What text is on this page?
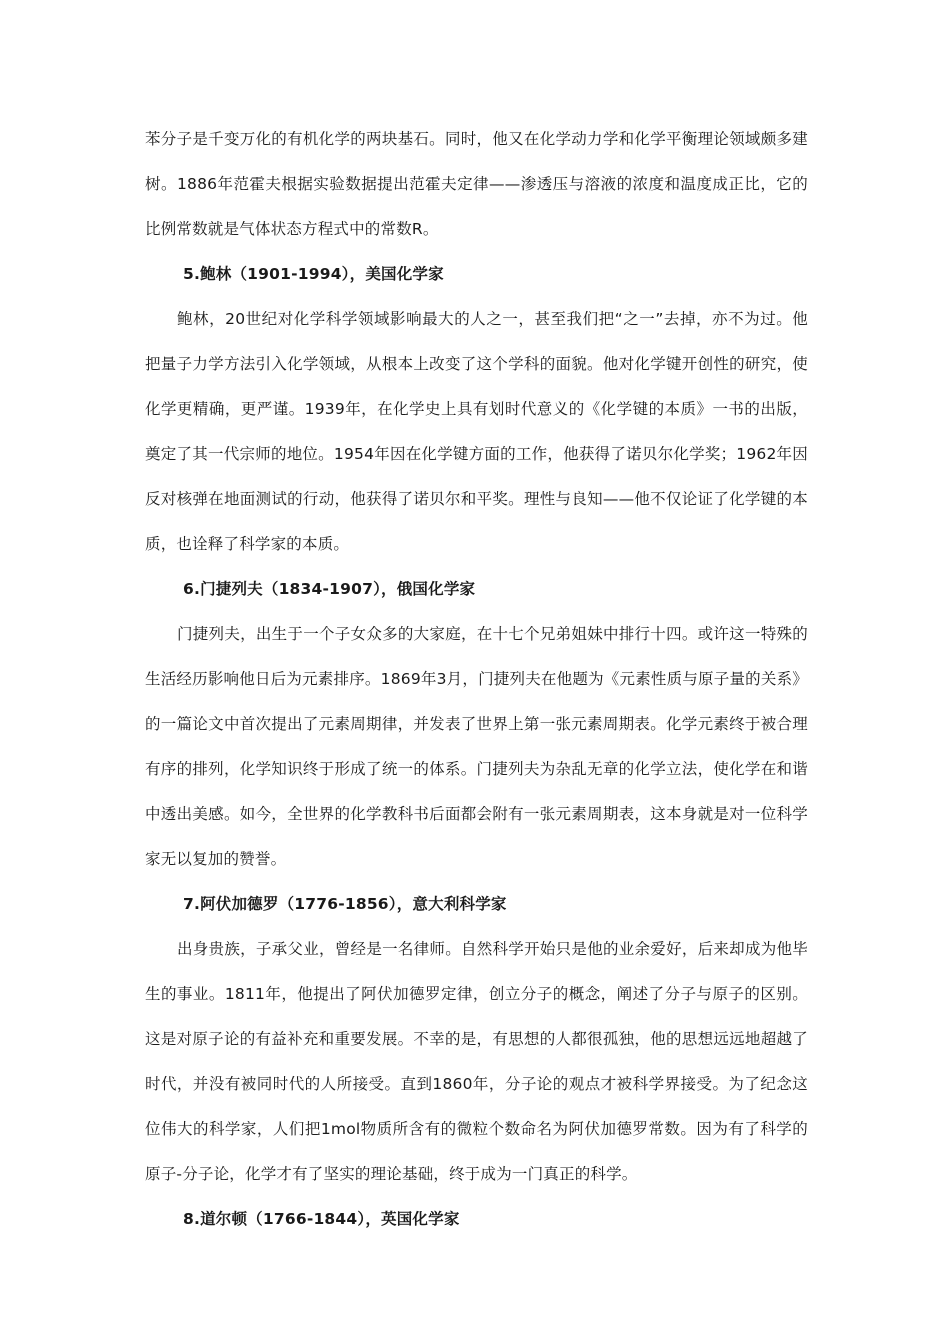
苯分子是千变万化的有机化学的两块基石。同时，他又在化学动力学和化学平衡理论领域颇多建树。1886年范霍夫根据实验数据提出范霍夫定律——渗透压与溶液的浓度和温度成正比，它的比例常数就是气体状态方程式中的常数R。

5.鲍林（1901-1994），美国化学家

鲍林，20世纪对化学科学领域影响最大的人之一，甚至我们把“之一”去掉，亦不为过。他把量子力学方法引入化学领域，从根本上改变了这个学科的面貌。他对化学键开创性的研究，使化学更精确，更严谨。1939年，在化学史上具有划时代意义的《化学键的本质》一书的出版，奠定了其一代宗师的地位。1954年因在化学键方面的工作，他获得了诺贝尔化学奖；1962年因反对核弹在地面测试的行动，他获得了诺贝尔和平奖。理性与良知——他不仅论证了化学键的本质，也诠释了科学家的本质。

6.门捷列夫（1834-1907），俄国化学家

门捷列夫，出生于一个子女众多的大家庭，在十七个兄弟姐妹中排行十四。或许这一特殊的生活经历影响他日后为元素排序。1869年3月，门捷列夫在他题为《元素性质与原子量的关系》的一篇论文中首次提出了元素周期律，并发表了世界上第一张元素周期表。化学元素终于被合理有序的排列，化学知识终于形成了统一的体系。门捷列夫为杂乱无章的化学立法，使化学在和谐中透出美感。如今，全世界的化学教科书后面都会附有一张元素周期表，这本身就是对一位科学家无以复加的赞誉。

7.阿伏加德罗（1776-1856），意大利科学家

出身贵族，子承父业，曾经是一名律师。自然科学开始只是他的业余爱好，后来却成为他毕生的事业。1811年，他提出了阿伏加德罗定律，创立分子的概念，阐述了分子与原子的区别。这是对原子论的有益补充和重要发展。不幸的是，有思想的人都很孤独，他的思想远远地超越了时代，并没有被同时代的人所接受。直到1860年，分子论的观点才被科学界接受。为了纪念这位伟大的科学家，人们把1mol物质所含有的微粒个数命名为阿伏加德罗常数。因为有了科学的原子-分子论，化学才有了坚实的理论基础，终于成为一门真正的科学。

8.道尔顿（1766-1844），英国化学家
